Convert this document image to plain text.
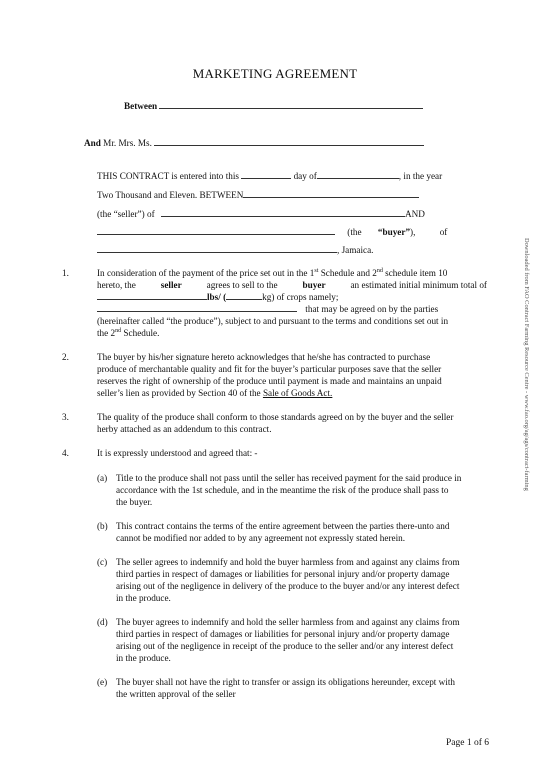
MARKETING AGREEMENT
Between
And Mr. Mrs. Ms.
THIS CONTRACT is entered into this	day of	, in the year
Two Thousand and Eleven. BETWEEN
(the “seller”) of	AND
(the “buyer”),	of
, Jamaica.
1.	In consideration of the payment of the price set out in the 1st Schedule and 2nd schedule item 10
hereto, the	seller	agrees to sell to the	buyer	an estimated initial minimum total of
lbs/ (	kg) of crops namely;
that may be agreed on by the parties
(hereinafter called “the produce”), subject to and pursuant to the terms and conditions set out in
the 2nd Schedule.
2.	The buyer by his/her signature hereto acknowledges that he/she has contracted to purchase
produce of merchantable quality and fit for the buyer’s particular purposes save that the seller
reserves the right of ownership of the produce until payment is made and maintains an unpaid
seller’s lien as provided by Section 40 of the Sale of Goods Act.
3.	The quality of the produce shall conform to those standards agreed on by the buyer and the seller
herby attached as an addendum to this contract.
4.	It is expressly understood and agreed that: -
(a) Title to the produce shall not pass until the seller has received payment for the said produce in
accordance with the 1st schedule, and in the meantime the risk of the produce shall pass to
the buyer.
(b) This contract contains the terms of the entire agreement between the parties there-unto and
cannot be modified nor added to by any agreement not expressly stated herein.
(c) The seller agrees to indemnify and hold the buyer harmless from and against any claims from
third parties in respect of damages or liabilities for personal injury and/or property damage
arising out of the negligence in delivery of the produce to the buyer and/or any interest defect
in the produce.
(d) The buyer agrees to indemnify and hold the seller harmless from and against any claims from
third parties in respect of damages or liabilities for personal injury and/or property damage
arising out of the negligence in receipt of the produce to the seller and/or any interest defect
in the produce.
(e) The buyer shall not have the right to transfer or assign its obligations hereunder, except with
the written approval of the seller
Downloaded from FAO Contract Farming Resource Centre - www.fao.org/ag/ags/contract-farming
Page 1 of 6
